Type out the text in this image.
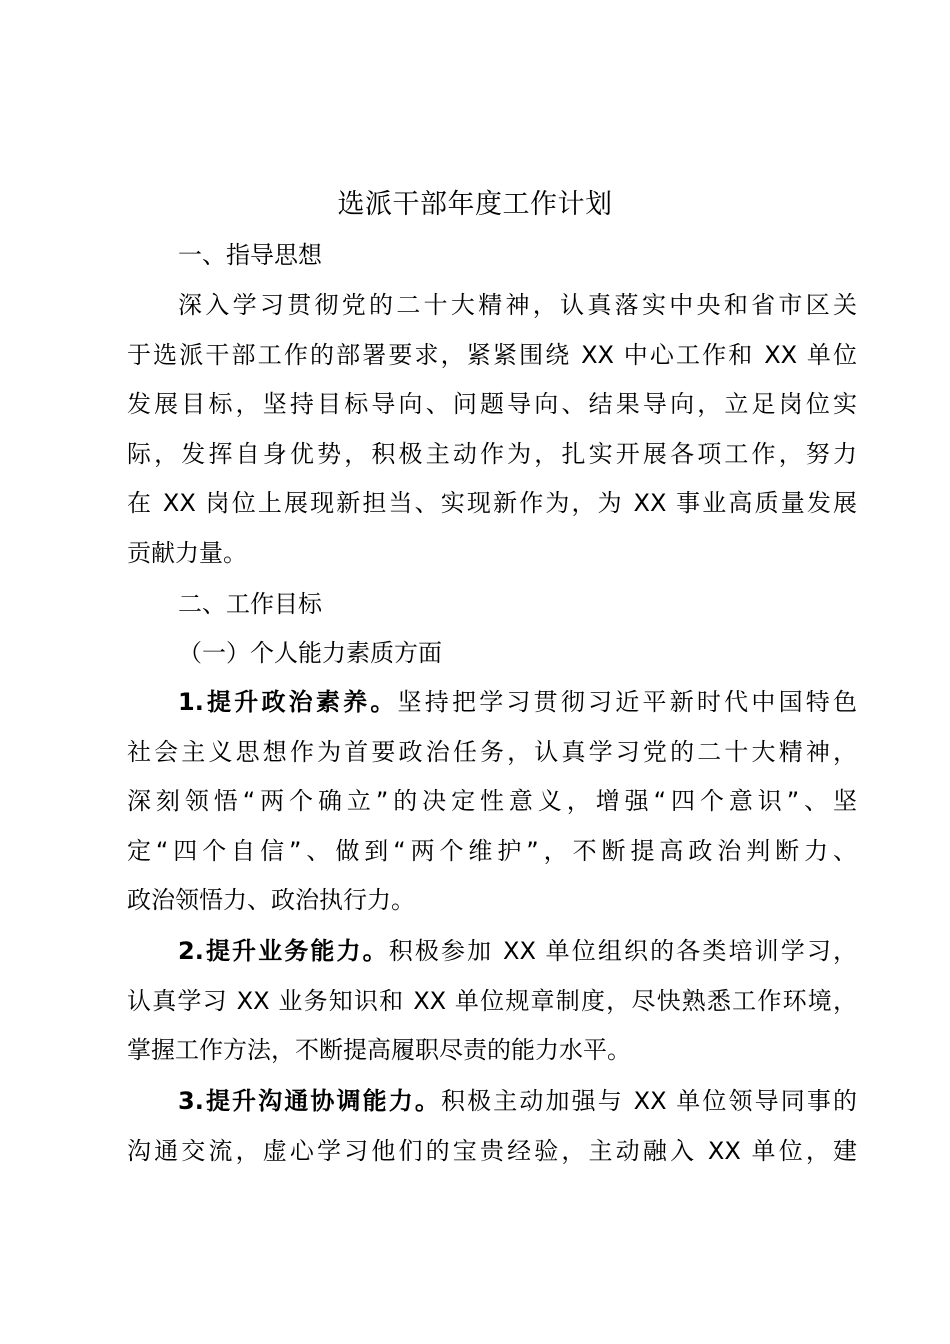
选派干部年度工作计划
一、指导思想
深入学习贯彻党的二十大精神，认真落实中央和省市区关
于选派干部工作的部署要求，紧紧围绕 XX 中心工作和 XX 单位
发展目标，坚持目标导向、问题导向、结果导向，立足岗位实
际，发挥自身优势，积极主动作为，扎实开展各项工作，努力
在 XX 岗位上展现新担当、实现新作为，为 XX 事业高质量发展
贡献力量。
二、工作目标
（一）个人能力素质方面
1.提升政治素养。坚持把学习贯彻习近平新时代中国特色
社会主义思想作为首要政治任务，认真学习党的二十大精神，
深刻领悟“两个确立”的决定性意义，增强“四个意识”、坚
定“四个自信”、做到“两个维护”，不断提高政治判断力、
政治领悟力、政治执行力。
2.提升业务能力。积极参加 XX 单位组织的各类培训学习，
认真学习 XX 业务知识和 XX 单位规章制度，尽快熟悉工作环境，
掌握工作方法，不断提高履职尽责的能力水平。
3.提升沟通协调能力。积极主动加强与 XX 单位领导同事的
沟通交流，虚心学习他们的宝贵经验，主动融入 XX 单位，建
